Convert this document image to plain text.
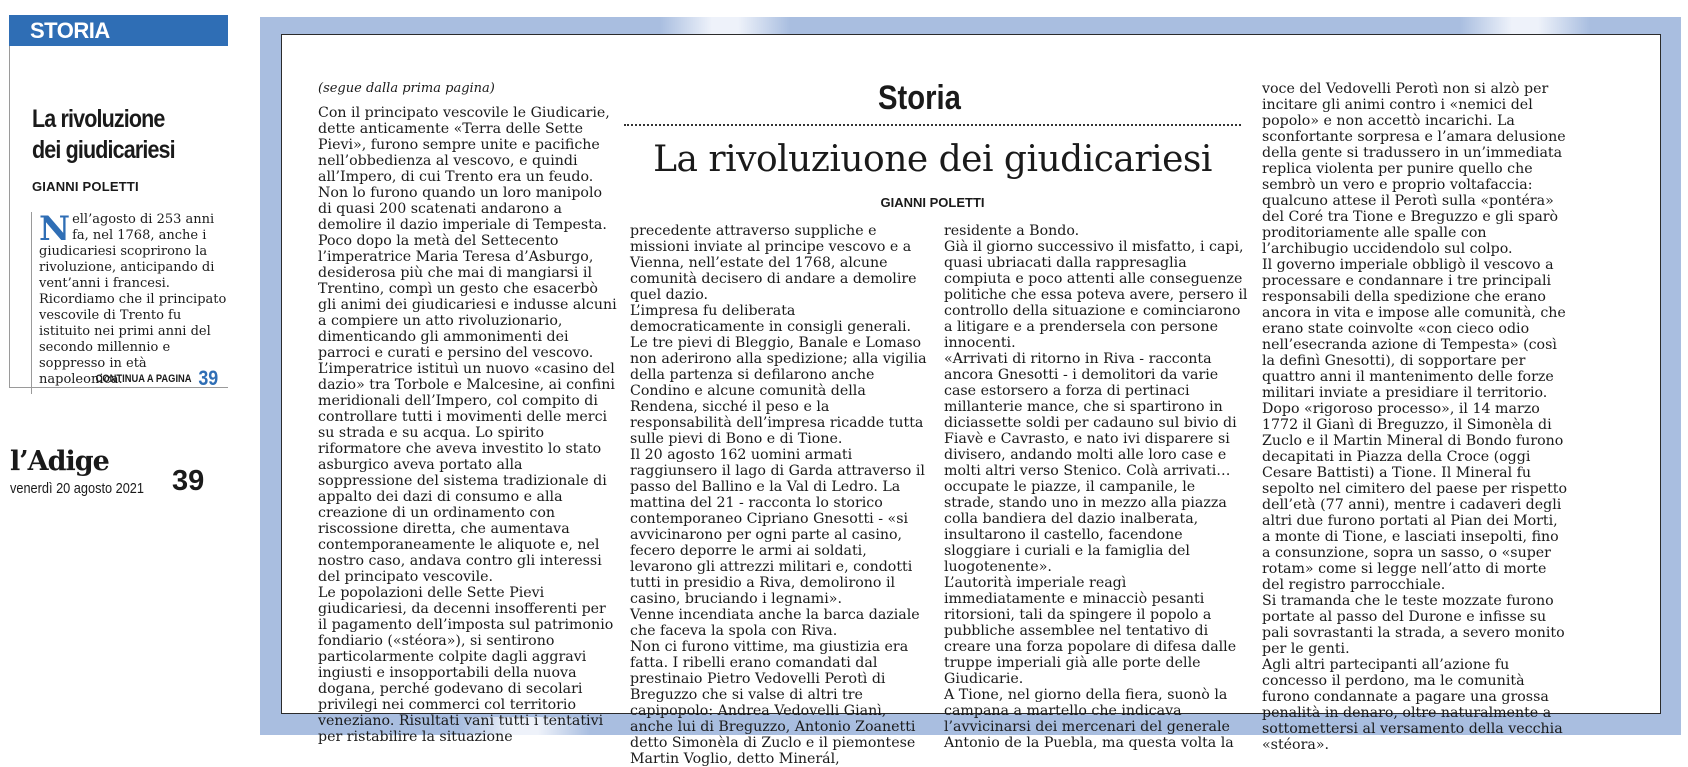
STORIA
La rivoluzione
dei giudicariesi
GIANNI POLETTI
Nell’agosto di 253 anni fa, nel 1768, anche i giudicariesi scoprirono la rivoluzione, anticipando di vent’anni i francesi. Ricordiamo che il principato vescovile di Trento fu istituito nei primi anni del secondo millennio e soppresso in età napoleonica.
CONTINUA A PAGINA 39
l’Adige
venerdì 20 agosto 2021 39
(segue dalla prima pagina)	Storia
La rivoluziuone dei giudicariesi
GIANNI POLETTI

Con il principato vescovile le Giudicarie, dette anticamente «Terra delle Sette Pievi», furono sempre unite e pacifiche nell’obbedienza al vescovo, e quindi all’Impero, di cui Trento era un feudo. Non lo furono quando un loro manipolo di quasi 200 scatenati andarono a demolire il dazio imperiale di Tempesta.

Poco dopo la metà del Settecento l’imperatrice Maria Teresa d’Asburgo, desiderosa più che mai di mangiarsi il Trentino, compì un gesto che esacerbò gli animi dei giudicariesi e indusse alcuni a compiere un atto rivoluzionario, dimenticando gli ammonimenti dei parroci e curati e persino del vescovo.

L’imperatrice istituì un nuovo «casino del dazio» tra Torbole e Malcesine, ai confini meridionali dell’Impero, col compito di controllare tutti i movimenti delle merci su strada e su acqua. Lo spirito riformatore che aveva investito lo stato asburgico aveva portato alla soppressione del sistema tradizionale di appalto dei dazi di consumo e alla creazione di un ordinamento con riscossione diretta, che aumentava contemporaneamente le aliquote e, nel nostro caso, andava contro gli interessi del principato vescovile.

Le popolazioni delle Sette Pievi giudicariesi, da decenni insofferenti per il pagamento dell’imposta sul patrimonio fondiario («stéora»), si sentirono particolarmente colpite dagli aggravi ingiusti e insopportabili della nuova dogana, perché godevano di secolari privilegi nei commerci col territorio veneziano. Risultati vani tutti i tentativi per ristabilire la situazione

precedente attraverso suppliche e missioni inviate al principe vescovo e a Vienna, nell’estate del 1768, alcune comunità decisero di andare a demolire quel dazio.

L’impresa fu deliberata democraticamente in consigli generali. Le tre pievi di Bleggio, Banale e Lomaso non aderirono alla spedizione; alla vigilia della partenza si defilarono anche Condino e alcune comunità della Rendena, sicché il peso e la responsabilità dell’impresa ricadde tutta sulle pievi di Bono e di Tione.

Il 20 agosto 162 uomini armati raggiunsero il lago di Garda attraverso il passo del Ballino e la Val di Ledro. La mattina del 21 - racconta lo storico contemporaneo Cipriano Gnesotti - «si avvicinarono per ogni parte al casino, fecero deporre le armi ai soldati, levarono gli attrezzi militari e, condotti tutti in presidio a Riva, demolirono il casino, bruciando i legnami».

Venne incendiata anche la barca daziale che faceva la spola con Riva.

Non ci furono vittime, ma giustizia era fatta. I ribelli erano comandati dal prestinaio Pietro Vedovelli Perotì di Breguzzo che si valse di altri tre capipopolo: Andrea Vedovelli Gianì, anche lui di Breguzzo, Antonio Zoanetti detto Simonèla di Zuclo e il piemontese Martin Voglio, detto Minerál,

residente a Bondo.

Già il giorno successivo il misfatto, i capi, quasi ubriacati dalla rappresaglia compiuta e poco attenti alle conseguenze politiche che essa poteva avere, persero il controllo della situazione e cominciarono a litigare e a prendersela con persone innocenti.

«Arrivati di ritorno in Riva - racconta ancora Gnesotti - i demolitori da varie case estorsero a forza di pertinaci millanterie mance, che si spartirono in diciassette soldi per cadauno sul bivio di Fiavè e Cavrasto, e nato ivi disparere si divisero, andando molti alle loro case e molti altri verso Stenico. Colà arrivati… occupate le piazze, il campanile, le strade, stando uno in mezzo alla piazza colla bandiera del dazio inalberata, insultarono il castello, facendone sloggiare i curiali e la famiglia del luogotenente».

L’autorità imperiale reagì immediatamente e minacciò pesanti ritorsioni, tali da spingere il popolo a pubbliche assemblee nel tentativo di creare una forza popolare di difesa dalle truppe imperiali già alle porte delle Giudicarie.

A Tione, nel giorno della fiera, suonò la campana a martello che indicava l’avvicinarsi dei mercenari del generale Antonio de la Puebla, ma questa volta la

voce del Vedovelli Perotì non si alzò per incitare gli animi contro i «nemici del popolo» e non accettò incarichi. La sconfortante sorpresa e l’amara delusione della gente si tradussero in un’immediata replica violenta per punire quello che sembrò un vero e proprio voltafaccia: qualcuno attese il Perotì sulla «pontéra» del Coré tra Tione e Breguzzo e gli sparò proditoriamente alle spalle con l’archibugio uccidendolo sul colpo.

Il governo imperiale obbligò il vescovo a processare e condannare i tre principali responsabili della spedizione che erano ancora in vita e impose alle comunità, che erano state coinvolte «con cieco odio nell’esecranda azione di Tempesta» (così la definì Gnesotti), di sopportare per quattro anni il mantenimento delle forze militari inviate a presidiare il territorio. Dopo «rigoroso processo», il 14 marzo 1772 il Gianì di Breguzzo, il Simonèla di Zuclo e il Martin Mineral di Bondo furono decapitati in Piazza della Croce (oggi Cesare Battisti) a Tione. Il Mineral fu sepolto nel cimitero del paese per rispetto dell’età (77 anni), mentre i cadaveri degli altri due furono portati al Pian dei Morti, a monte di Tione, e lasciati insepolti, fino a consunzione, sopra un sasso, o «super rotam» come si legge nell’atto di morte del registro parrocchiale.

Si tramanda che le teste mozzate furono portate al passo del Durone e infisse su pali sovrastanti la strada, a severo monito per le genti.

Agli altri partecipanti all’azione fu concesso il perdono, ma le comunità furono condannate a pagare una grossa penalità in denaro, oltre naturalmente a sottomettersi al versamento della vecchia «stéora».
